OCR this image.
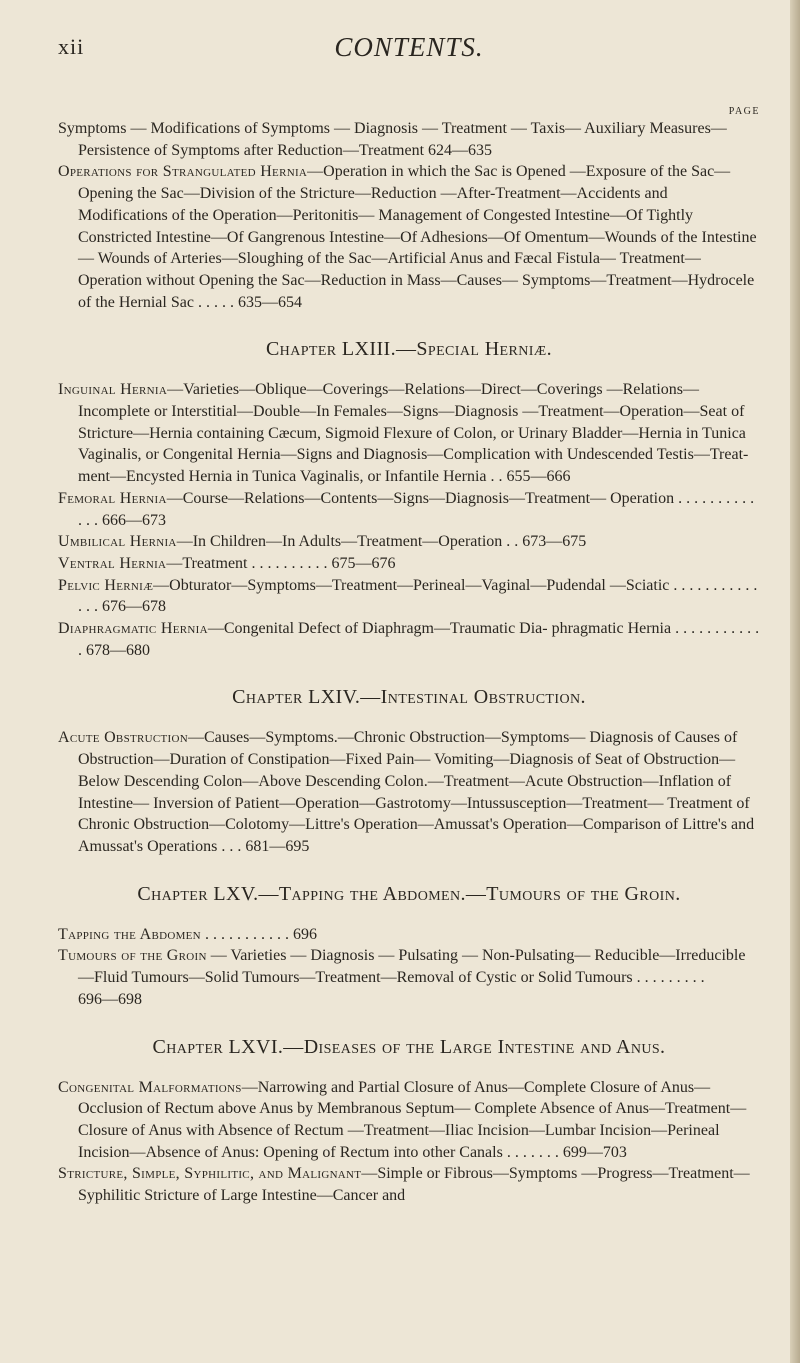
xii	CONTENTS.
PAGE

Symptoms — Modifications of Symptoms — Diagnosis — Treatment — Taxis— Auxiliary Measures—Persistence of Symptoms after Reduction—Treatment 624—635

Operations for Strangulated Hernia—Operation in which the Sac is Opened —Exposure of the Sac—Opening the Sac—Division of the Stricture—Reduction —After-Treatment—Accidents and Modifications of the Operation—Peritonitis— Management of Congested Intestine—Of Tightly Constricted Intestine—Of Gangrenous Intestine—Of Adhesions—Of Omentum—Wounds of the Intestine— Wounds of Arteries—Sloughing of the Sac—Artificial Anus and Fæcal Fistula— Treatment—Operation without Opening the Sac—Reduction in Mass—Causes— Symptoms—Treatment—Hydrocele of the Hernial Sac . . . . . 635—654

Chapter LXIII.—Special Herniæ.

Inguinal Hernia—Varieties—Oblique—Coverings—Relations—Direct—Coverings —Relations—Incomplete or Interstitial—Double—In Females—Signs—Diagnosis —Treatment—Operation—Seat of Stricture—Hernia containing Cæcum, Sigmoid Flexure of Colon, or Urinary Bladder—Hernia in Tunica Vaginalis, or Congenital Hernia—Signs and Diagnosis—Complication with Undescended Testis—Treat- ment—Encysted Hernia in Tunica Vaginalis, or Infantile Hernia . . 655—666

Femoral Hernia—Course—Relations—Contents—Signs—Diagnosis—Treatment— Operation . . . . . . . . . . . . . 666—673

Umbilical Hernia—In Children—In Adults—Treatment—Operation . . 673—675

Ventral Hernia—Treatment . . . . . . . . . . 675—676

Pelvic Herniæ—Obturator—Symptoms—Treatment—Perineal—Vaginal—Pudendal —Sciatic . . . . . . . . . . . . . . 676—678

Diaphragmatic Hernia—Congenital Defect of Diaphragm—Traumatic Dia- phragmatic Hernia . . . . . . . . . . . . 678—680

Chapter LXIV.—Intestinal Obstruction.

Acute Obstruction—Causes—Symptoms.—Chronic Obstruction—Symptoms— Diagnosis of Causes of Obstruction—Duration of Constipation—Fixed Pain— Vomiting—Diagnosis of Seat of Obstruction—Below Descending Colon—Above Descending Colon.—Treatment—Acute Obstruction—Inflation of Intestine— Inversion of Patient—Operation—Gastrotomy—Intussusception—Treatment— Treatment of Chronic Obstruction—Colotomy—Littre's Operation—Amussat's Operation—Comparison of Littre's and Amussat's Operations . . . 681—695

Chapter LXV.—Tapping the Abdomen.—Tumours of the Groin.

Tapping the Abdomen . . . . . . . . . . . 696

Tumours of the Groin — Varieties — Diagnosis — Pulsating — Non-Pulsating— Reducible—Irreducible—Fluid Tumours—Solid Tumours—Treatment—Removal of Cystic or Solid Tumours . . . . . . . . . 696—698

Chapter LXVI.—Diseases of the Large Intestine and Anus.

Congenital Malformations—Narrowing and Partial Closure of Anus—Complete Closure of Anus—Occlusion of Rectum above Anus by Membranous Septum— Complete Absence of Anus—Treatment—Closure of Anus with Absence of Rectum —Treatment—Iliac Incision—Lumbar Incision—Perineal Incision—Absence of Anus: Opening of Rectum into other Canals . . . . . . . 699—703

Stricture, Simple, Syphilitic, and Malignant—Simple or Fibrous—Symptoms —Progress—Treatment—Syphilitic Stricture of Large Intestine—Cancer and
